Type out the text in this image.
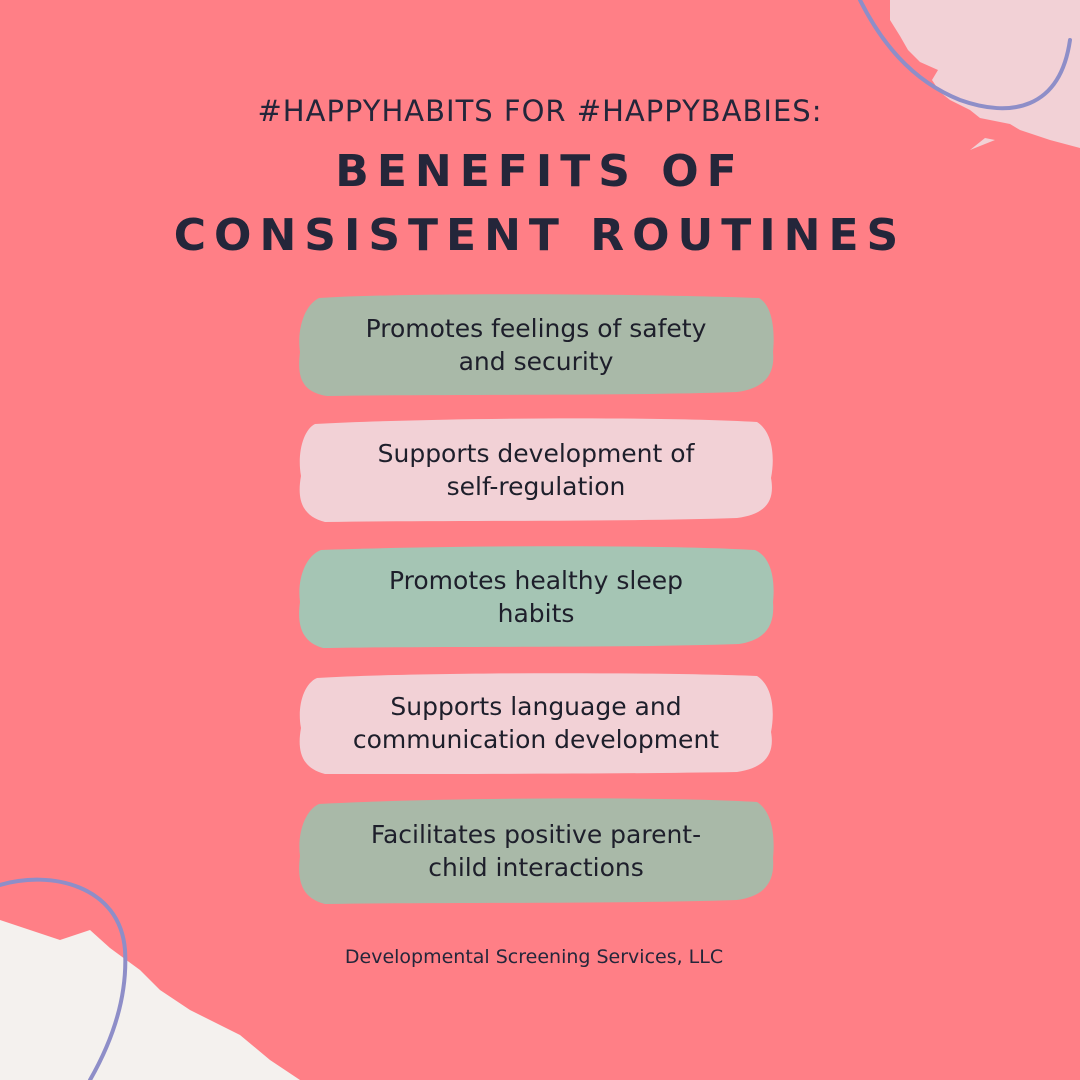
#HAPPYHABITS FOR #HAPPYBABIES:
BENEFITS OF
CONSISTENT ROUTINES
Promotes feelings of safety
and security
Supports development of
self-regulation
Promotes healthy sleep
habits
Supports language and
communication development
Facilitates positive parent-
child interactions
Developmental Screening Services, LLC
